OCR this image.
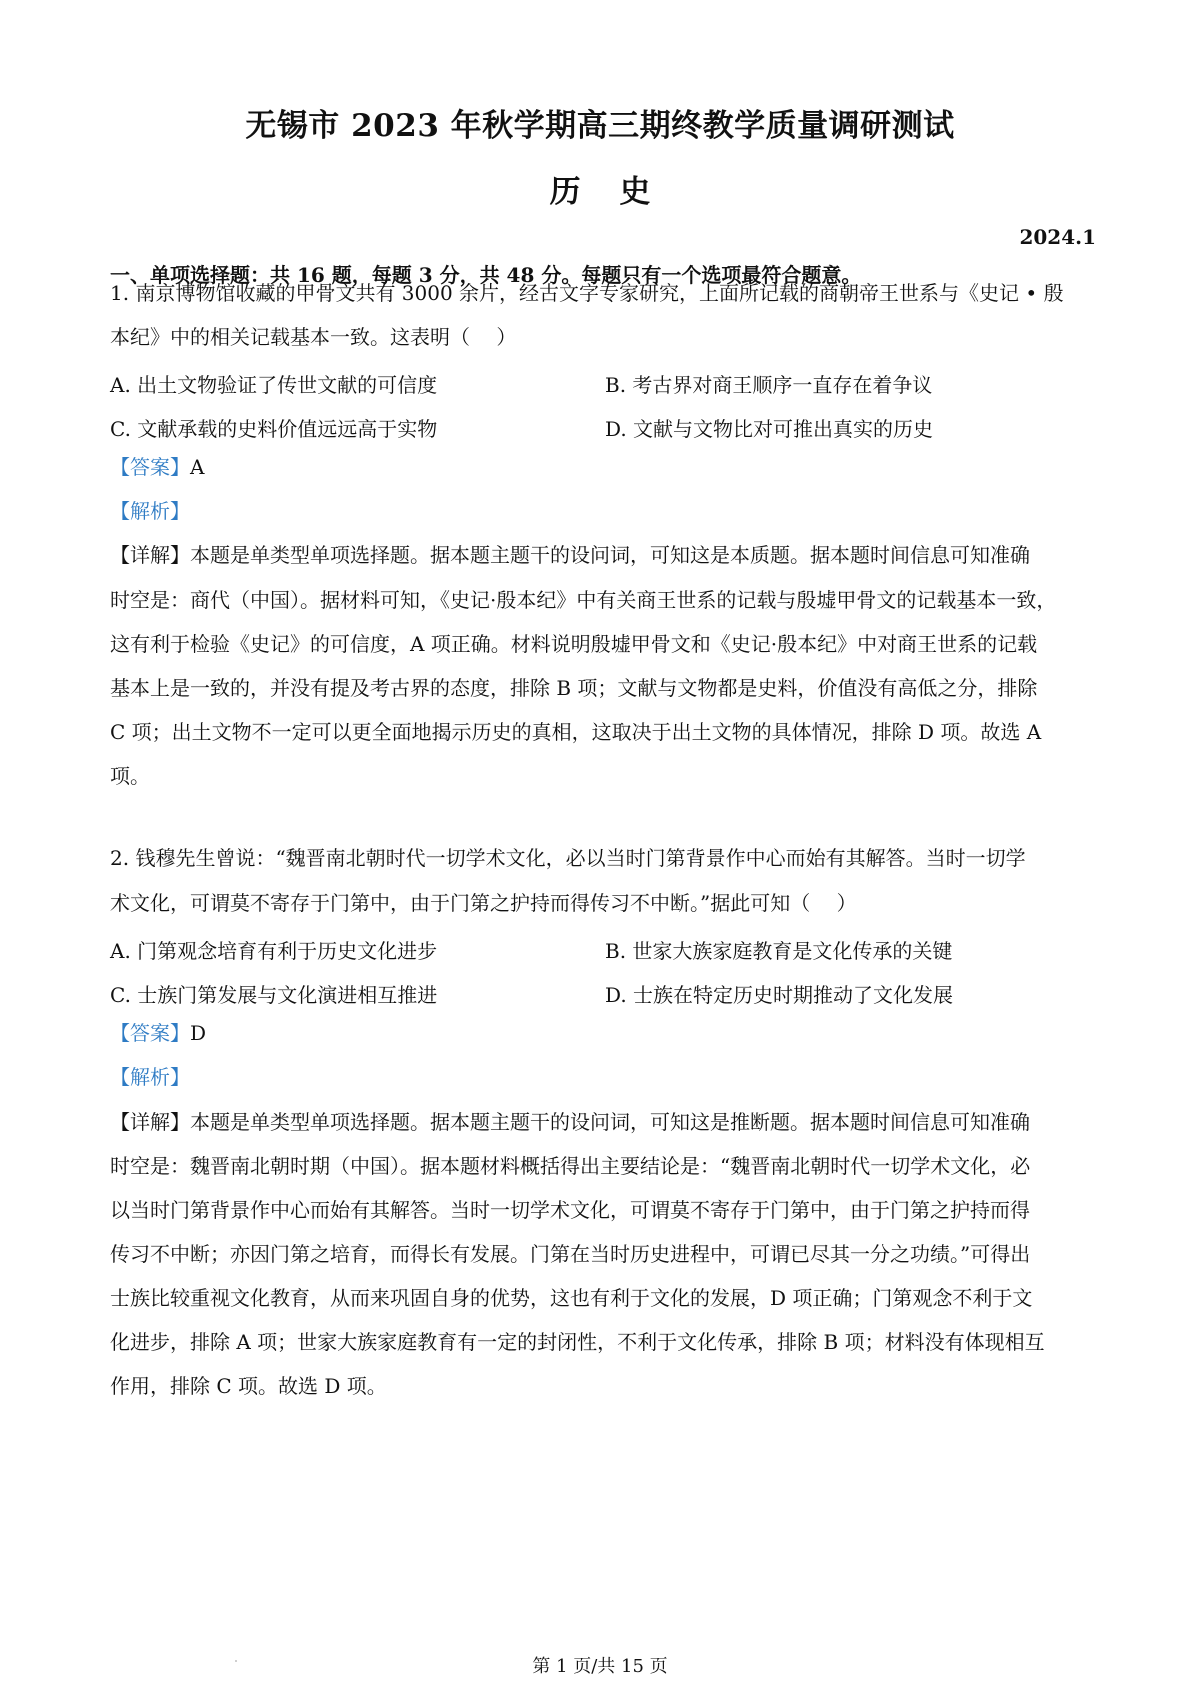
无锡市 2023 年秋学期高三期终教学质量调研测试
历 史
2024.1
一、单项选择题：共 16 题，每题 3 分，共 48 分。每题只有一个选项最符合题意。
1. 南京博物馆收藏的甲骨文共有 3000 余片，经古文字专家研究，上面所记载的商朝帝王世系与《史记 • 殷
本纪》中的相关记载基本一致。这表明（　 ）
A. 出土文物验证了传世文献的可信度	B. 考古界对商王顺序一直存在着争议
C. 文献承载的史料价值远远高于实物	D. 文献与文物比对可推出真实的历史
【答案】A
【解析】
【详解】本题是单类型单项选择题。据本题主题干的设问词，可知这是本质题。据本题时间信息可知准确
时空是：商代（中国）。据材料可知，《史记·殷本纪》中有关商王世系的记载与殷墟甲骨文的记载基本一致，
这有利于检验《史记》的可信度，A 项正确。材料说明殷墟甲骨文和《史记·殷本纪》中对商王世系的记载
基本上是一致的，并没有提及考古界的态度，排除 B 项；文献与文物都是史料，价值没有高低之分，排除
C 项；出土文物不一定可以更全面地揭示历史的真相，这取决于出土文物的具体情况，排除 D 项。故选 A
项。
2. 钱穆先生曾说：“魏晋南北朝时代一切学术文化，必以当时门第背景作中心而始有其解答。当时一切学
术文化，可谓莫不寄存于门第中，由于门第之护持而得传习不中断。”据此可知（　 ）
A. 门第观念培育有利于历史文化进步	B. 世家大族家庭教育是文化传承的关键
C. 士族门第发展与文化演进相互推进	D. 士族在特定历史时期推动了文化发展
【答案】D
【解析】
【详解】本题是单类型单项选择题。据本题主题干的设问词，可知这是推断题。据本题时间信息可知准确
时空是：魏晋南北朝时期（中国）。据本题材料概括得出主要结论是：“魏晋南北朝时代一切学术文化，必
以当时门第背景作中心而始有其解答。当时一切学术文化，可谓莫不寄存于门第中，由于门第之护持而得
传习不中断；亦因门第之培育，而得长有发展。门第在当时历史进程中，可谓已尽其一分之功绩。”可得出
士族比较重视文化教育，从而来巩固自身的优势，这也有利于文化的发展，D 项正确；门第观念不利于文
化进步，排除 A 项；世家大族家庭教育有一定的封闭性，不利于文化传承，排除 B 项；材料没有体现相互
作用，排除 C 项。故选 D 项。
第 1 页/共 15 页
